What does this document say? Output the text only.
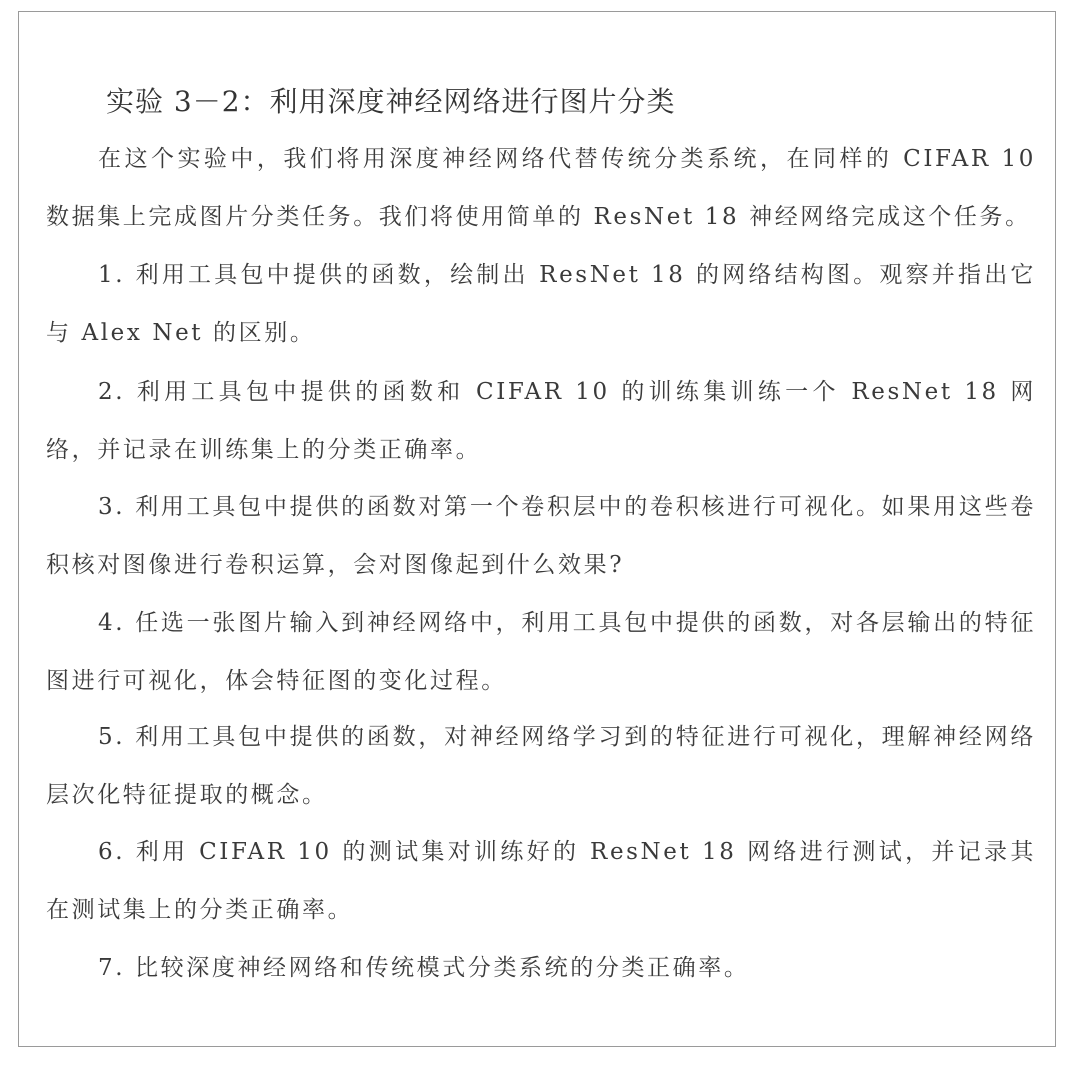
实验 3－2：利用深度神经网络进行图片分类

在这个实验中，我们将用深度神经网络代替传统分类系统，在同样的 CIFAR 10 数据集上完成图片分类任务。我们将使用简单的 ResNet 18 神经网络完成这个任务。

1. 利用工具包中提供的函数，绘制出 ResNet 18 的网络结构图。观察并指出它与 Alex Net 的区别。

2. 利用工具包中提供的函数和 CIFAR 10 的训练集训练一个 ResNet 18 网络，并记录在训练集上的分类正确率。

3. 利用工具包中提供的函数对第一个卷积层中的卷积核进行可视化。如果用这些卷积核对图像进行卷积运算，会对图像起到什么效果?

4. 任选一张图片输入到神经网络中，利用工具包中提供的函数，对各层输出的特征图进行可视化，体会特征图的变化过程。

5. 利用工具包中提供的函数，对神经网络学习到的特征进行可视化，理解神经网络层次化特征提取的概念。

6. 利用 CIFAR 10 的测试集对训练好的 ResNet 18 网络进行测试，并记录其在测试集上的分类正确率。

7. 比较深度神经网络和传统模式分类系统的分类正确率。
